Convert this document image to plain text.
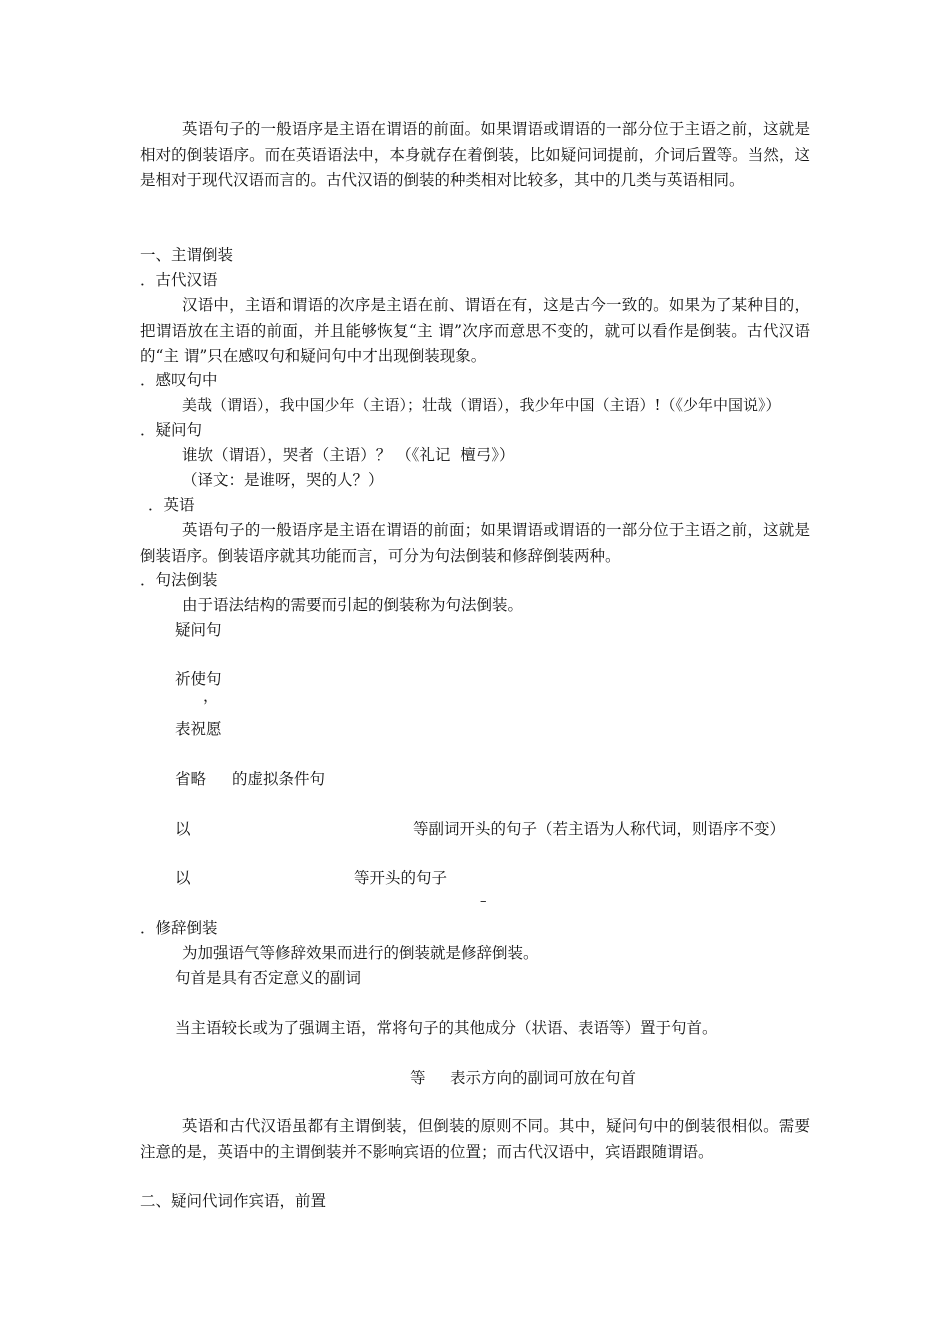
英语句子的一般语序是主语在谓语的前面。如果谓语或谓语的一部分位于主语之前，这就是相对的倒装语序。而在英语语法中，本身就存在着倒装，比如疑问词提前，介词后置等。当然，这是相对于现代汉语而言的。古代汉语的倒装的种类相对比较多，其中的几类与英语相同。

一、主谓倒装

．古代汉语

汉语中，主语和谓语的次序是主语在前、谓语在有，这是古今一致的。如果为了某种目的，把谓语放在主语的前面，并且能够恢复“主 谓”次序而意思不变的，就可以看作是倒装。古代汉语的“主 谓”只在感叹句和疑问句中才出现倒装现象。

．感叹句中

美哉（谓语），我中国少年（主语）；壮哉（谓语），我少年中国（主语）!（《少年中国说》）

．疑问句

谁欤（谓语），哭者（主语）？ （《礼记  檀弓》）

（译文：是谁呀，哭的人？）

．英语

英语句子的一般语序是主语在谓语的前面；如果谓语或谓语的一部分位于主语之前，这就是倒装语序。倒装语序就其功能而言，可分为句法倒装和修辞倒装两种。

．句法倒装

由于语法结构的需要而引起的倒装称为句法倒装。

疑问句

祈使句

，

表祝愿

省略 的虚拟条件句

以	等副词开头的句子（若主语为人称代词，则语序不变）

以	等开头的句子

–

．修辞倒装

为加强语气等修辞效果而进行的倒装就是修辞倒装。

句首是具有否定意义的副词

当主语较长或为了强调主语，常将句子的其他成分（状语、表语等）置于句首。

等 表示方向的副词可放在句首

英语和古代汉语虽都有主谓倒装，但倒装的原则不同。其中，疑问句中的倒装很相似。需要注意的是，英语中的主谓倒装并不影响宾语的位置；而古代汉语中，宾语跟随谓语。

二、疑问代词作宾语，前置
